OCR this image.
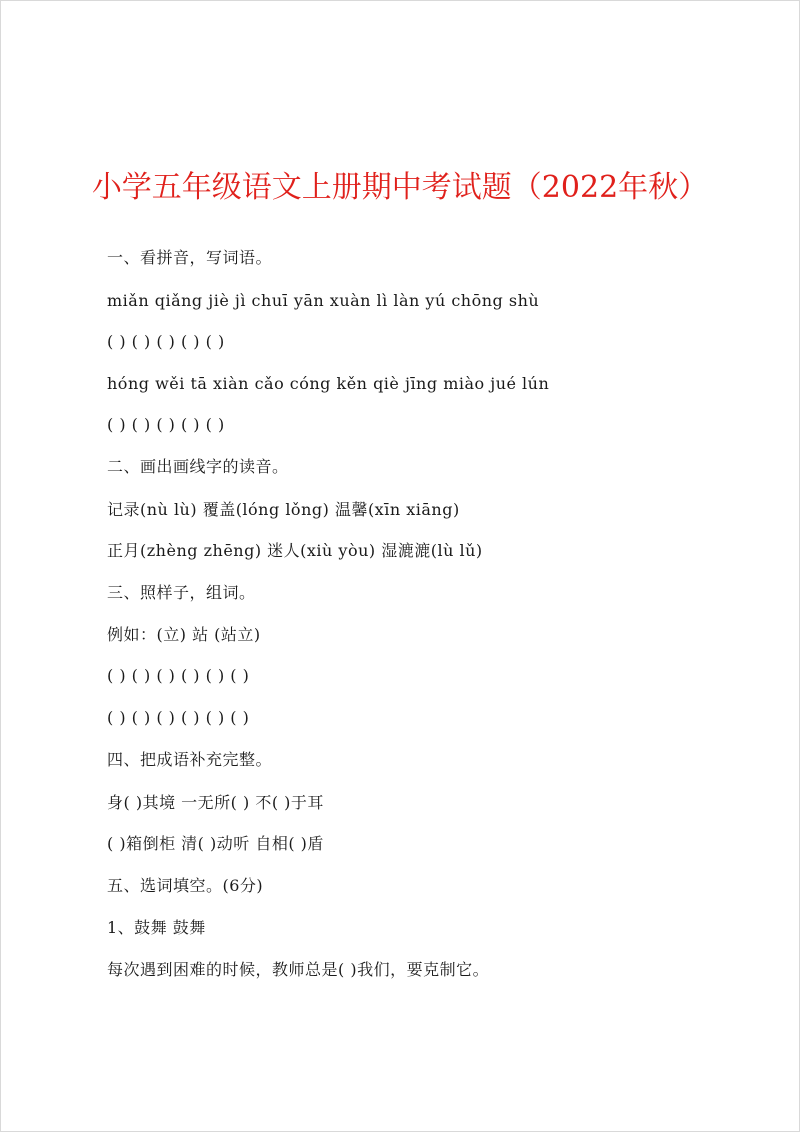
小学五年级语文上册期中考试题（2022年秋）
一、看拼音，写词语。
miǎn qiǎng jiè jì chuī yān xuàn lì làn yú chōng shù
( ) ( ) ( ) ( ) ( )
hóng wěi tā xiàn cǎo cóng kěn qiè jīng miào jué lún
( ) ( ) ( ) ( ) ( )
二、画出画线字的读音。
记录(nù lù) 覆盖(lóng lǒng) 温馨(xīn xiāng)
正月(zhèng zhēng) 迷人(xiù yòu) 湿漉漉(lù lǔ)
三、照样子，组词。
例如：(立) 站 (站立)
( ) ( ) ( ) ( ) ( ) ( )
( ) ( ) ( ) ( ) ( ) ( )
四、把成语补充完整。
身( )其境 一无所( ) 不( )于耳
( )箱倒柜 清( )动听 自相( )盾
五、选词填空。(6分)
1、鼓舞 鼓舞
每次遇到困难的时候，教师总是( )我们，要克制它。
